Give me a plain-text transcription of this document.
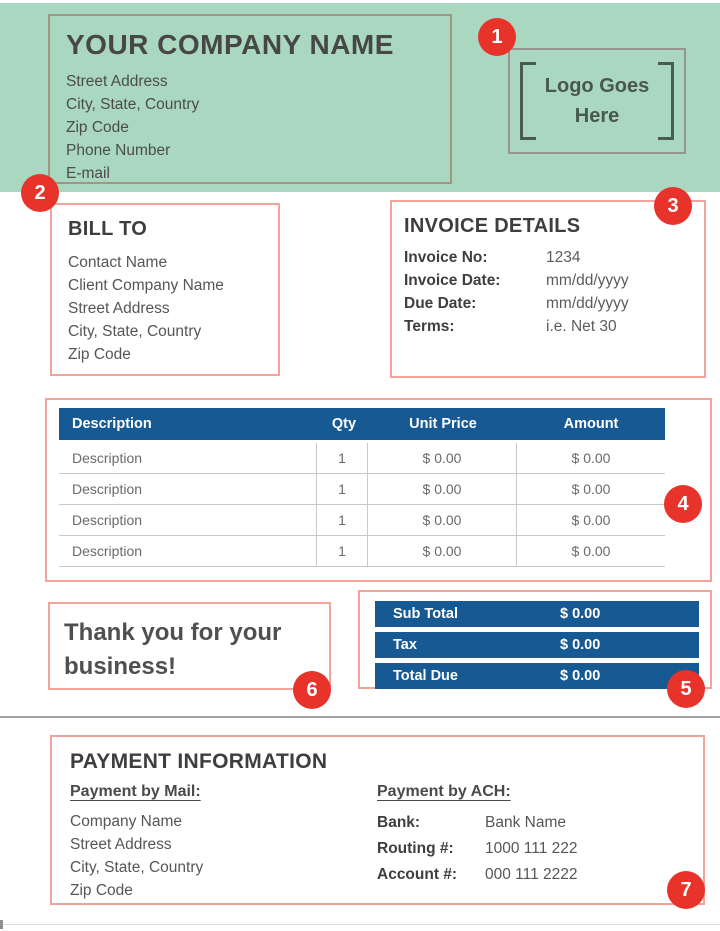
YOUR COMPANY NAME
Street Address
City, State, Country
Zip Code
Phone Number
E-mail
Logo Goes Here
BILL TO
Contact Name
Client Company Name
Street Address
City, State, Country
Zip Code
INVOICE DETAILS
Invoice No:	1234
Invoice Date:	mm/dd/yyyy
Due Date:	mm/dd/yyyy
Terms:	i.e. Net 30
Description	Qty	Unit Price	Amount
Description	1	$ 0.00	$ 0.00
Description	1	$ 0.00	$ 0.00
Description	1	$ 0.00	$ 0.00
Description	1	$ 0.00	$ 0.00
Thank you for your business!
Sub Total	$ 0.00
Tax	$ 0.00
Total Due	$ 0.00
PAYMENT INFORMATION
Payment by Mail:
Company Name
Street Address
City, State, Country
Zip Code
Payment by ACH:
Bank:	Bank Name
Routing #:	1000 111 222
Account #:	000 111 2222
1
2
3
4
5
6
7
